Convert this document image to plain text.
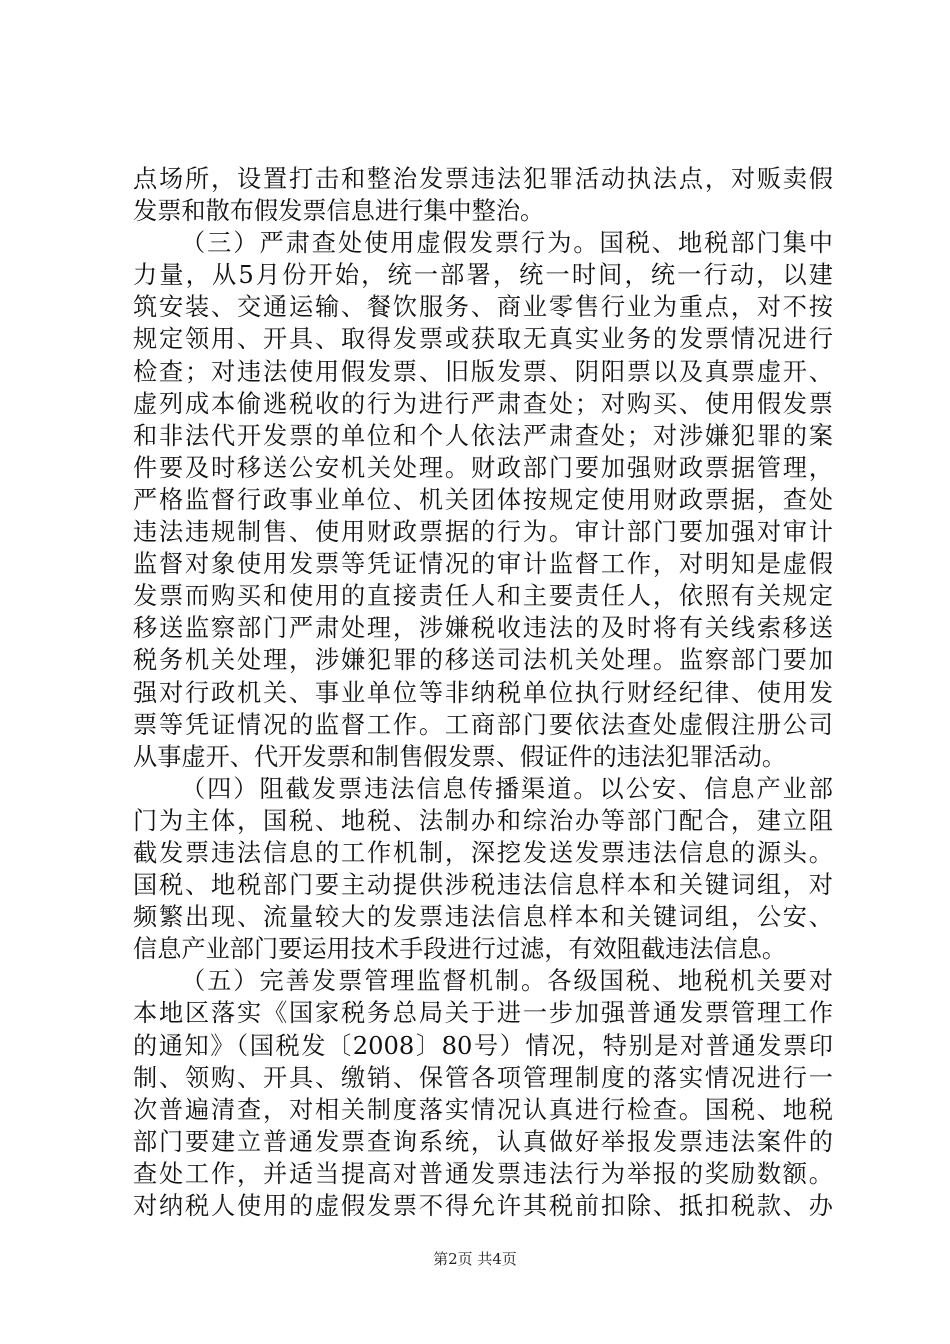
点场所，设置打击和整治发票违法犯罪活动执法点，对贩卖假
发票和散布假发票信息进行集中整治。
（三）严肃查处使用虚假发票行为。国税、地税部门集中
力量，从5月份开始，统一部署，统一时间，统一行动，以建
筑安装、交通运输、餐饮服务、商业零售行业为重点，对不按
规定领用、开具、取得发票或获取无真实业务的发票情况进行
检查；对违法使用假发票、旧版发票、阴阳票以及真票虚开、
虚列成本偷逃税收的行为进行严肃查处；对购买、使用假发票
和非法代开发票的单位和个人依法严肃查处；对涉嫌犯罪的案
件要及时移送公安机关处理。财政部门要加强财政票据管理，
严格监督行政事业单位、机关团体按规定使用财政票据，查处
违法违规制售、使用财政票据的行为。审计部门要加强对审计
监督对象使用发票等凭证情况的审计监督工作，对明知是虚假
发票而购买和使用的直接责任人和主要责任人，依照有关规定
移送监察部门严肃处理，涉嫌税收违法的及时将有关线索移送
税务机关处理，涉嫌犯罪的移送司法机关处理。监察部门要加
强对行政机关、事业单位等非纳税单位执行财经纪律、使用发
票等凭证情况的监督工作。工商部门要依法查处虚假注册公司
从事虚开、代开发票和制售假发票、假证件的违法犯罪活动。
（四）阻截发票违法信息传播渠道。以公安、信息产业部
门为主体，国税、地税、法制办和综治办等部门配合，建立阻
截发票违法信息的工作机制，深挖发送发票违法信息的源头。
国税、地税部门要主动提供涉税违法信息样本和关键词组，对
频繁出现、流量较大的发票违法信息样本和关键词组，公安、
信息产业部门要运用技术手段进行过滤，有效阻截违法信息。
（五）完善发票管理监督机制。各级国税、地税机关要对
本地区落实《国家税务总局关于进一步加强普通发票管理工作
的通知》（国税发〔2008〕80号）情况，特别是对普通发票印
制、领购、开具、缴销、保管各项管理制度的落实情况进行一
次普遍清查，对相关制度落实情况认真进行检查。国税、地税
部门要建立普通发票查询系统，认真做好举报发票违法案件的
查处工作，并适当提高对普通发票违法行为举报的奖励数额。
对纳税人使用的虚假发票不得允许其税前扣除、抵扣税款、办
第2页 共4页
